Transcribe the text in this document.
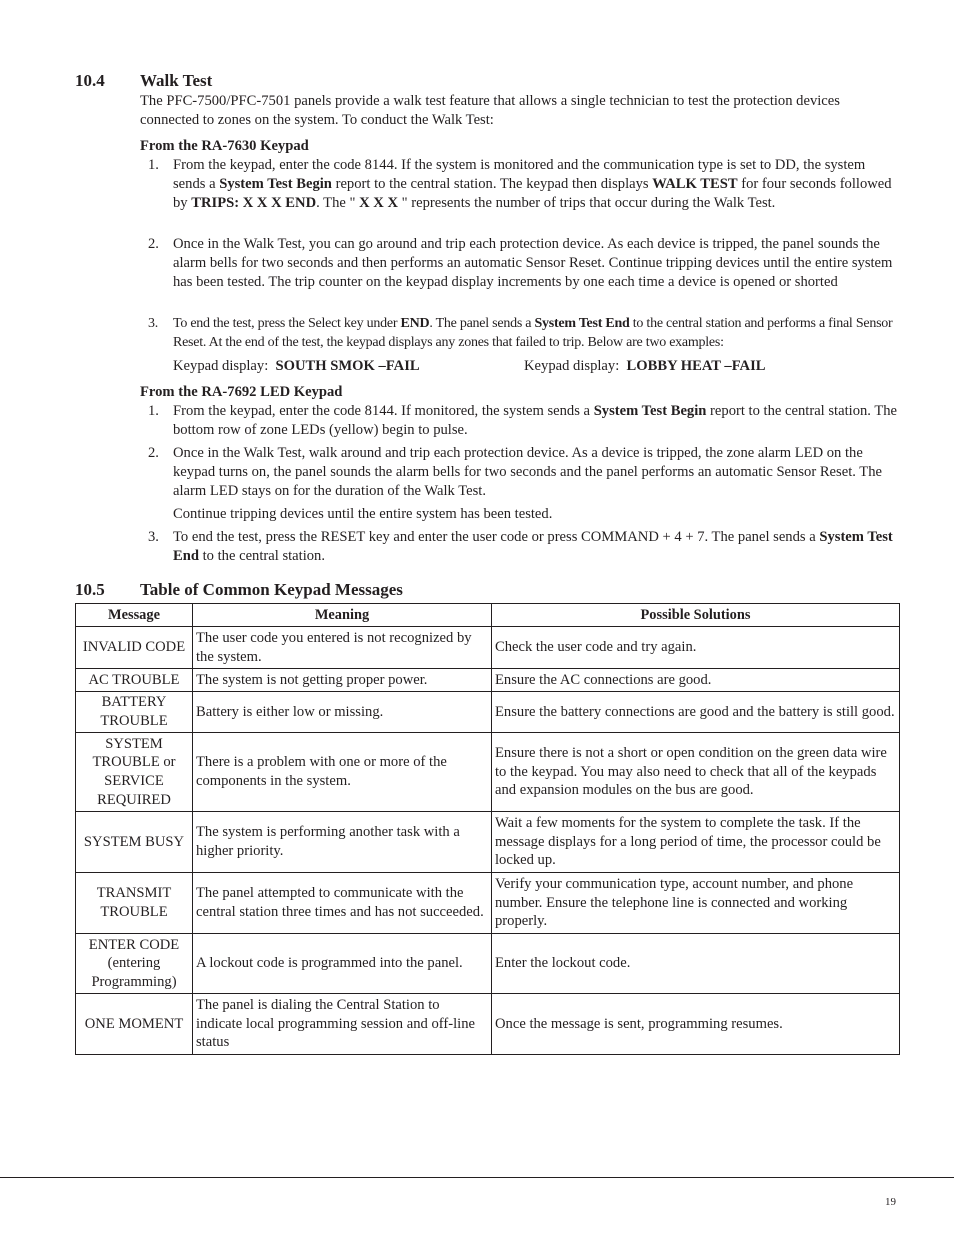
10.4 Walk Test
The PFC-7500/PFC-7501 panels provide a walk test feature that allows a single technician to test the protection devices connected to zones on the system. To conduct the Walk Test:
From the RA-7630 Keypad
1. From the keypad, enter the code 8144. If the system is monitored and the communication type is set to DD, the system sends a System Test Begin report to the central station. The keypad then displays WALK TEST for four seconds followed by TRIPS: X X X END. The " X X X " represents the number of trips that occur during the Walk Test.
2. Once in the Walk Test, you can go around and trip each protection device. As each device is tripped, the panel sounds the alarm bells for two seconds and then performs an automatic Sensor Reset. Continue tripping devices until the entire system has been tested. The trip counter on the keypad display increments by one each time a device is opened or shorted
3. To end the test, press the Select key under END. The panel sends a System Test End to the central station and performs a final Sensor Reset. At the end of the test, the keypad displays any zones that failed to trip. Below are two examples:
Keypad display:  SOUTH SMOK –FAIL	Keypad display:  LOBBY HEAT –FAIL
From the RA-7692 LED Keypad
1. From the keypad, enter the code 8144. If monitored, the system sends a System Test Begin report to the central station. The bottom row of zone LEDs (yellow) begin to pulse.
2. Once in the Walk Test, walk around and trip each protection device. As a device is tripped, the zone alarm LED on the keypad turns on, the panel sounds the alarm bells for two seconds and the panel performs an automatic Sensor Reset. The alarm LED stays on for the duration of the Walk Test.
Continue tripping devices until the entire system has been tested.
3. To end the test, press the RESET key and enter the user code or press COMMAND + 4 + 7. The panel sends a System Test End to the central station.
10.5 Table of Common Keypad Messages
Message	Meaning	Possible Solutions
INVALID CODE	The user code you entered is not recognized by the system.	Check the user code and try again.
AC TROUBLE	The system is not getting proper power.	Ensure the AC connections are good.
BATTERY TROUBLE	Battery is either low or missing.	Ensure the battery connections are good and the battery is still good.
SYSTEM TROUBLE or SERVICE REQUIRED	There is a problem with one or more of the components in the system.	Ensure there is not a short or open condition on the green data wire to the keypad. You may also need to check that all of the keypads and expansion modules on the bus are good.
SYSTEM BUSY	The system is performing another task with a higher priority.	Wait a few moments for the system to complete the task. If the message displays for a long period of time, the processor could be locked up.
TRANSMIT TROUBLE	The panel attempted to communicate with the central station three times and has not succeeded.	Verify your communication type, account number, and phone number. Ensure the telephone line is connected and working properly.
ENTER CODE (entering Programming)	A lockout code is programmed into the panel.	Enter the lockout code.
ONE MOMENT	The panel is dialing the Central Station to indicate local programming session and off-line status	Once the message is sent, programming resumes.
19
